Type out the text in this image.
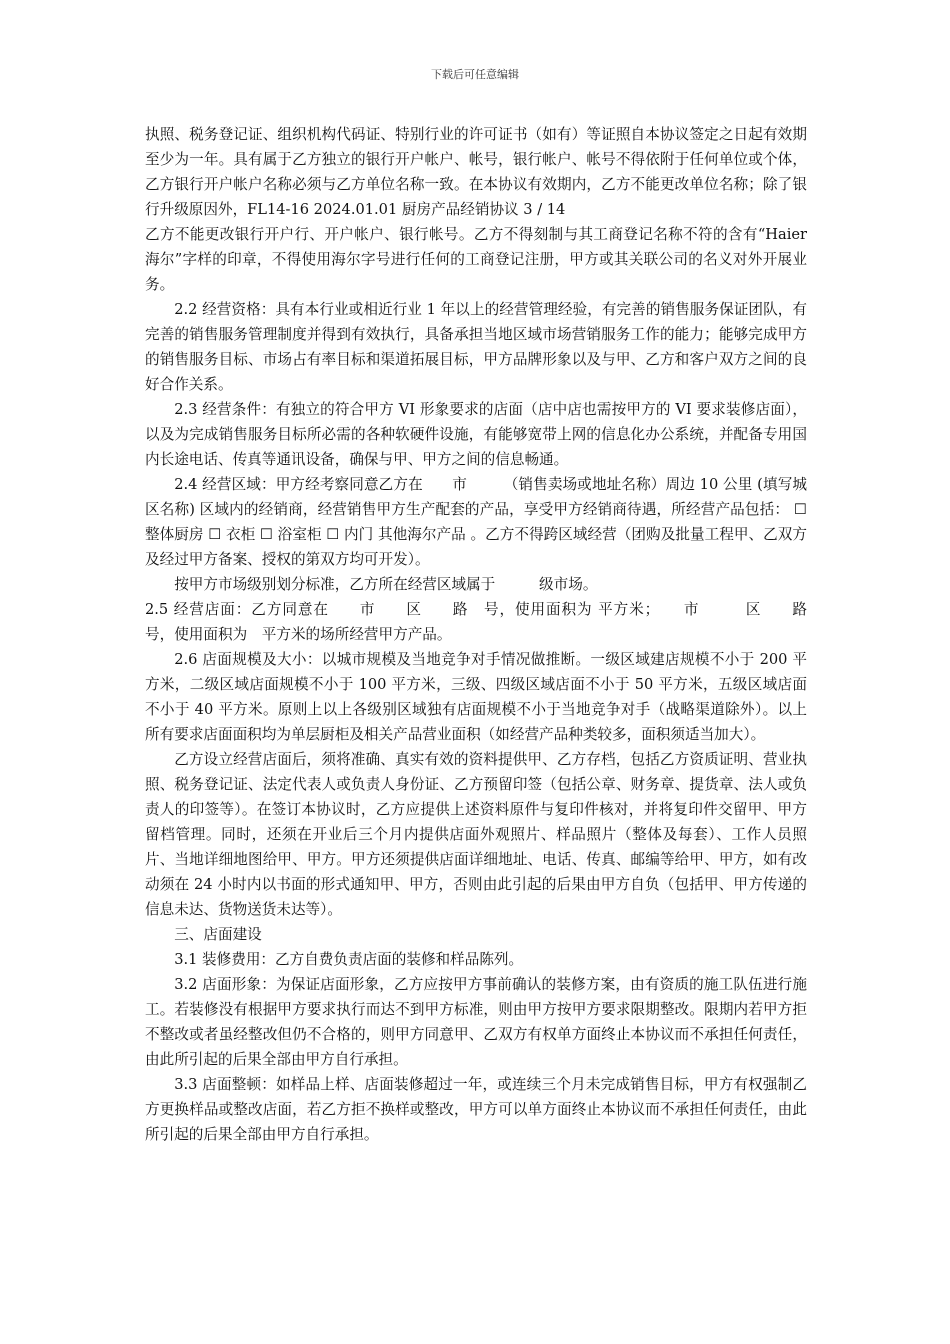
下载后可任意编辑

执照、税务登记证、组织机构代码证、特别行业的许可证书（如有）等证照自本协议签定之日起有效期至少为一年。具有属于乙方独立的银行开户帐户、帐号，银行帐户、帐号不得依附于任何单位或个体，乙方银行开户帐户名称必须与乙方单位名称一致。在本协议有效期内，乙方不能更改单位名称；除了银行升级原因外，FL14-16 2024.01.01 厨房产品经销协议 3 / 14

乙方不能更改银行开户行、开户帐户、银行帐号。乙方不得刻制与其工商登记名称不符的含有“Haier 海尔”字样的印章，不得使用海尔字号进行任何的工商登记注册，甲方或其关联公司的名义对外开展业务。

2.2 经营资格：具有本行业或相近行业 1 年以上的经营管理经验，有完善的销售服务保证团队，有完善的销售服务管理制度并得到有效执行，具备承担当地区域市场营销服务工作的能力；能够完成甲方的销售服务目标、市场占有率目标和渠道拓展目标，甲方品牌形象以及与甲、乙方和客户双方之间的良好合作关系。

2.3 经营条件：有独立的符合甲方 VI 形象要求的店面（店中店也需按甲方的 VI 要求装修店面），以及为完成销售服务目标所必需的各种软硬件设施，有能够宽带上网的信息化办公系统，并配备专用国内长途电话、传真等通讯设备，确保与甲、甲方之间的信息畅通。

2.4 经营区域：甲方经考察同意乙方在　　市　　　（销售卖场或地址名称）周边 10 公里 (填写城区名称) 区域内的经销商，经营销售甲方生产配套的产品，享受甲方经销商待遇，所经营产品包括： ☐ 整体厨房 ☐ 衣柜 ☐ 浴室柜 ☐ 内门 其他海尔产品 。乙方不得跨区域经营（团购及批量工程甲、乙双方及经过甲方备案、授权的第双方均可开发）。

按甲方市场级别划分标准，乙方所在经营区域属于　　　级市场。

2.5 经营店面：乙方同意在　　市　　区　　路　号，使用面积为 平方米；　　市　　　区　　路　　号，使用面积为　平方米的场所经营甲方产品。

2.6 店面规模及大小：以城市规模及当地竞争对手情况做推断。一级区域建店规模不小于 200 平方米，二级区域店面规模不小于 100 平方米，三级、四级区域店面不小于 50 平方米，五级区域店面不小于 40 平方米。原则上以上各级别区域独有店面规模不小于当地竞争对手（战略渠道除外）。以上所有要求店面面积均为单层厨柜及相关产品营业面积（如经营产品种类较多，面积须适当加大）。

乙方设立经营店面后，须将准确、真实有效的资料提供甲、乙方存档，包括乙方资质证明、营业执照、税务登记证、法定代表人或负责人身份证、乙方预留印签（包括公章、财务章、提货章、法人或负责人的印签等）。在签订本协议时，乙方应提供上述资料原件与复印件核对，并将复印件交留甲、甲方留档管理。同时，还须在开业后三个月内提供店面外观照片、样品照片（整体及每套）、工作人员照片、当地详细地图给甲、甲方。甲方还须提供店面详细地址、电话、传真、邮编等给甲、甲方，如有改动须在 24 小时内以书面的形式通知甲、甲方，否则由此引起的后果由甲方自负（包括甲、甲方传递的信息未达、货物送货未达等）。

三、店面建设

3.1 装修费用：乙方自费负责店面的装修和样品陈列。

3.2 店面形象：为保证店面形象，乙方应按甲方事前确认的装修方案，由有资质的施工队伍进行施工。若装修没有根据甲方要求执行而达不到甲方标准，则由甲方按甲方要求限期整改。限期内若甲方拒不整改或者虽经整改但仍不合格的，则甲方同意甲、乙双方有权单方面终止本协议而不承担任何责任，由此所引起的后果全部由甲方自行承担。

3.3 店面整顿：如样品上样、店面装修超过一年，或连续三个月未完成销售目标，甲方有权强制乙方更换样品或整改店面，若乙方拒不换样或整改，甲方可以单方面终止本协议而不承担任何责任，由此所引起的后果全部由甲方自行承担。
